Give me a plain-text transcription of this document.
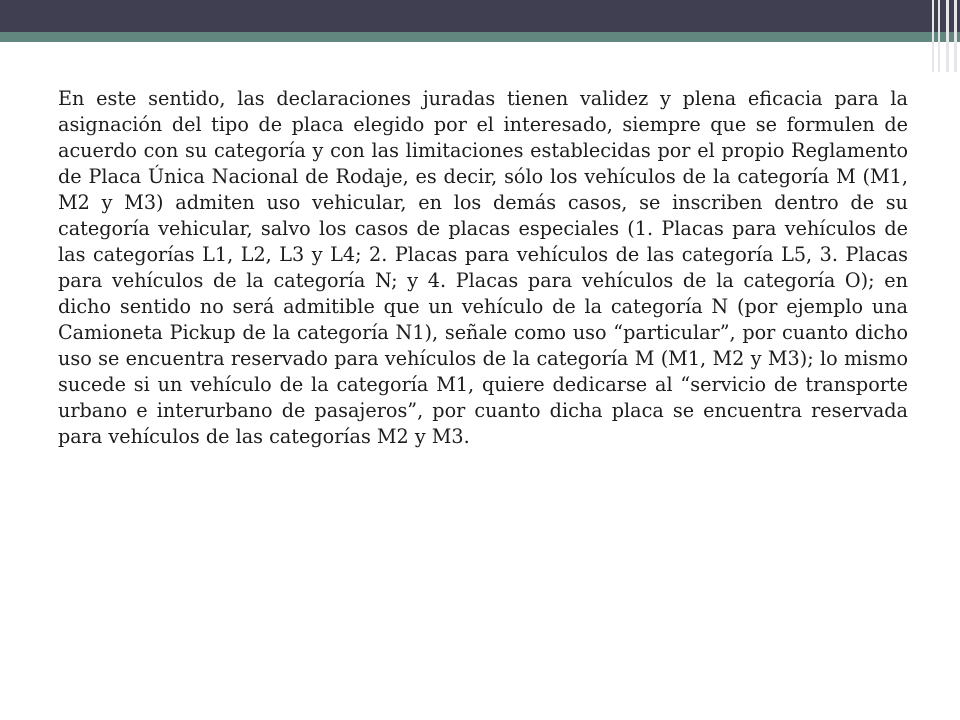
En este sentido, las declaraciones juradas tienen validez y plena eficacia para la asignación del tipo de placa elegido por el interesado, siempre que se formulen de acuerdo con su categoría y con las limitaciones establecidas por el propio Reglamento de Placa Única Nacional de Rodaje, es decir, sólo los vehículos de la categoría M (M1, M2 y M3) admiten uso vehicular, en los demás casos, se inscriben dentro de su categoría vehicular, salvo los casos de placas especiales (1. Placas para vehículos de las categorías L1, L2, L3 y L4; 2. Placas para vehículos de las categoría L5, 3. Placas para vehículos de la categoría N; y 4. Placas para vehículos de la categoría O); en dicho sentido no será admitible que un vehículo de la categoría N (por ejemplo una Camioneta Pickup de la categoría N1), señale como uso “particular”, por cuanto dicho uso se encuentra reservado para vehículos de la categoría M (M1, M2 y M3); lo mismo sucede si un vehículo de la categoría M1, quiere dedicarse al “servicio de transporte urbano e interurbano de pasajeros”, por cuanto dicha placa se encuentra reservada para vehículos de las categorías M2 y M3.
